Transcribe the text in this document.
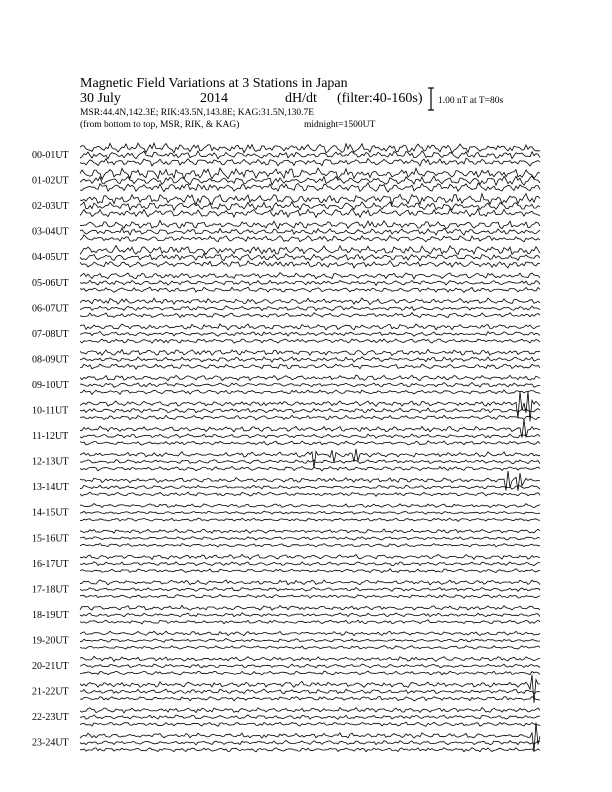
Magnetic Field Variations at 3 Stations in Japan
30 July	2014	dH/dt (filter:40-160s)
MSR:44.4N,142.3E; RIK:43.5N,143.8E; KAG:31.5N,130.7E
(from bottom to top, MSR, RIK, & KAG)	midnight=1500UT
1.00 nT at T=80s
00-01UT
01-02UT
02-03UT
03-04UT
04-05UT
05-06UT
06-07UT
07-08UT
08-09UT
09-10UT
10-11UT
11-12UT
12-13UT
13-14UT
14-15UT
15-16UT
16-17UT
17-18UT
18-19UT
19-20UT
20-21UT
21-22UT
22-23UT
23-24UT
